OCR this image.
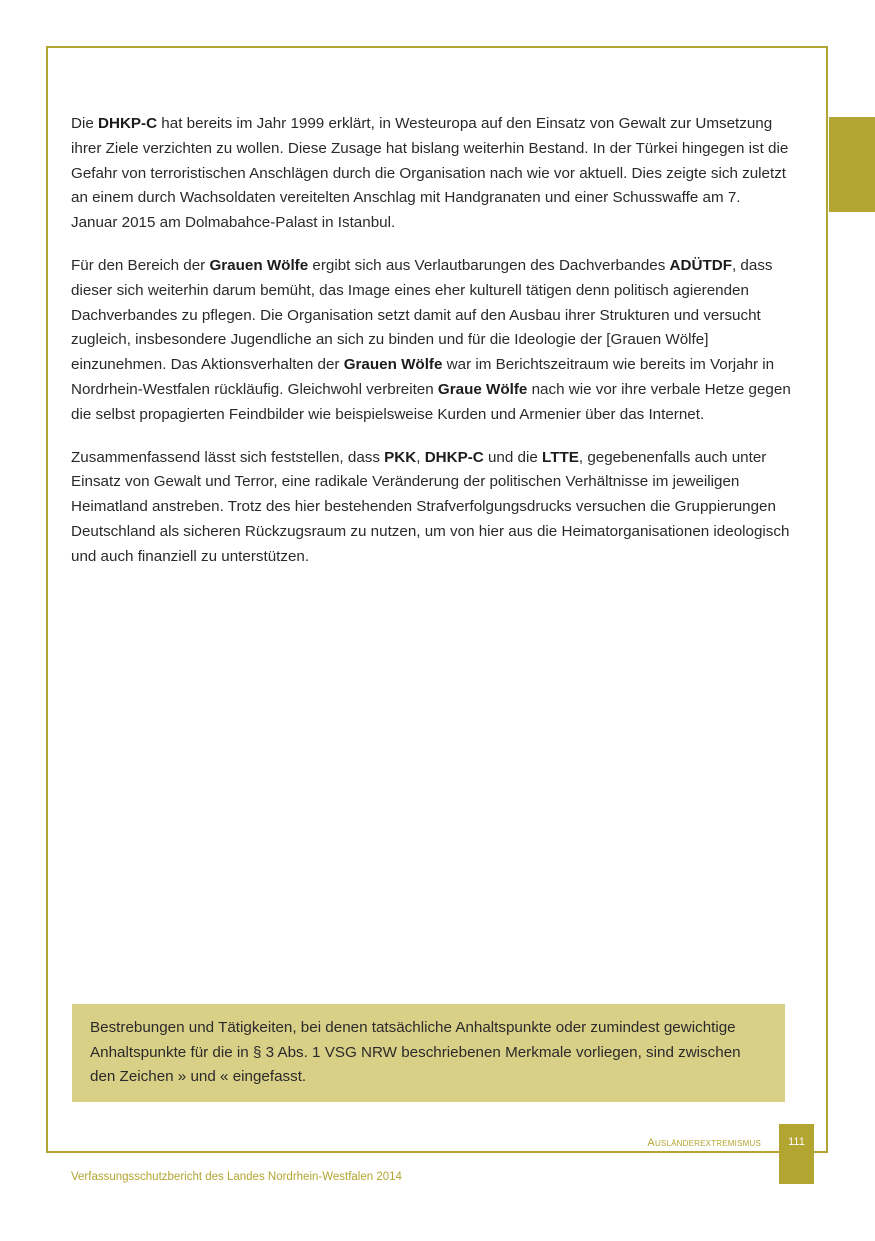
Die DHKP-C hat bereits im Jahr 1999 erklärt, in Westeuropa auf den Einsatz von Gewalt zur Umsetzung ihrer Ziele verzichten zu wollen. Diese Zusage hat bislang weiterhin Bestand. In der Türkei hingegen ist die Gefahr von terroristischen Anschlägen durch die Organisation nach wie vor aktuell. Dies zeigte sich zuletzt an einem durch Wachsoldaten vereitelten Anschlag mit Handgranaten und einer Schusswaffe am 7. Januar 2015 am Dolmabahce-Palast in Istanbul.

Für den Bereich der Grauen Wölfe ergibt sich aus Verlautbarungen des Dachverbandes ADÜTDF, dass dieser sich weiterhin darum bemüht, das Image eines eher kulturell tätigen denn politisch agierenden Dachverbandes zu pflegen. Die Organisation setzt damit auf den Ausbau ihrer Strukturen und versucht zugleich, insbesondere Jugendliche an sich zu binden und für die Ideologie der [Grauen Wölfe] einzunehmen. Das Aktionsverhalten der Grauen Wölfe war im Berichtszeitraum wie bereits im Vorjahr in Nordrhein-Westfalen rückläufig. Gleichwohl verbreiten Graue Wölfe nach wie vor ihre verbale Hetze gegen die selbst propagierten Feindbilder wie beispielsweise Kurden und Armenier über das Internet.

Zusammenfassend lässt sich feststellen, dass PKK, DHKP-C und die LTTE, gegebenenfalls auch unter Einsatz von Gewalt und Terror, eine radikale Veränderung der politischen Verhältnisse im jeweiligen Heimatland anstreben. Trotz des hier bestehenden Strafverfolgungsdrucks versuchen die Gruppierungen Deutschland als sicheren Rückzugsraum zu nutzen, um von hier aus die Heimatorganisationen ideologisch und auch finanziell zu unterstützen.

Bestrebungen und Tätigkeiten, bei denen tatsächliche Anhaltspunkte oder zumindest gewichtige Anhaltspunkte für die in § 3 Abs. 1 VSG NRW beschriebenen Merkmale vorliegen, sind zwischen den Zeichen » und « eingefasst.
Ausländerextremismus	111
Verfassungsschutzbericht des Landes Nordrhein-Westfalen 2014
